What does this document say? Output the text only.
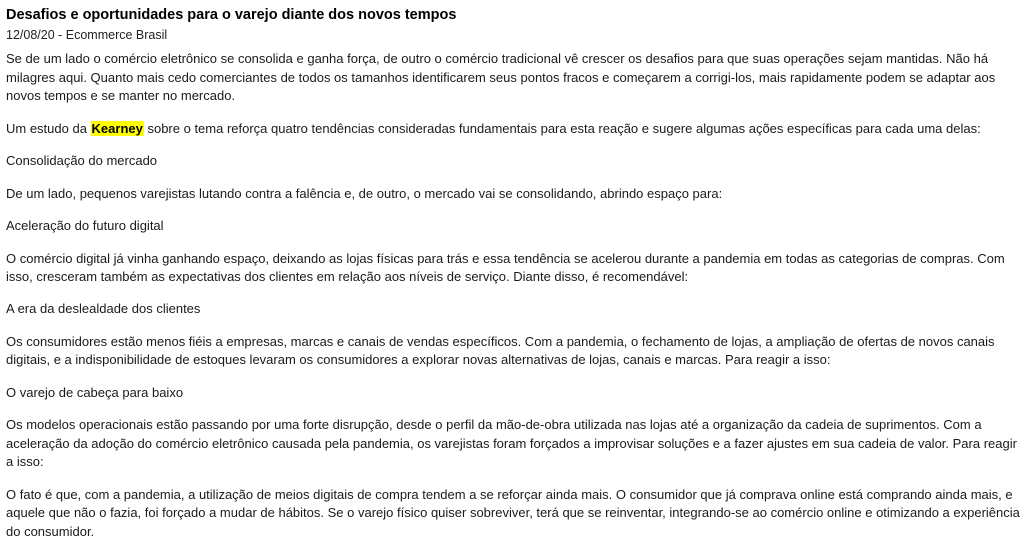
Desafios e oportunidades para o varejo diante dos novos tempos
12/08/20 - Ecommerce Brasil

Se de um lado o comércio eletrônico se consolida e ganha força, de outro o comércio tradicional vê crescer os desafios para que suas operações sejam mantidas. Não há milagres aqui. Quanto mais cedo comerciantes de todos os tamanhos identificarem seus pontos fracos e começarem a corrigi-los, mais rapidamente podem se adaptar aos novos tempos e se manter no mercado.

Um estudo da Kearney sobre o tema reforça quatro tendências consideradas fundamentais para esta reação e sugere algumas ações específicas para cada uma delas:

Consolidação do mercado

De um lado, pequenos varejistas lutando contra a falência e, de outro, o mercado vai se consolidando, abrindo espaço para:

Aceleração do futuro digital

O comércio digital já vinha ganhando espaço, deixando as lojas físicas para trás e essa tendência se acelerou durante a pandemia em todas as categorias de compras. Com isso, cresceram também as expectativas dos clientes em relação aos níveis de serviço. Diante disso, é recomendável:

A era da deslealdade dos clientes

Os consumidores estão menos fiéis a empresas, marcas e canais de vendas específicos. Com a pandemia, o fechamento de lojas, a ampliação de ofertas de novos canais digitais, e a indisponibilidade de estoques levaram os consumidores a explorar novas alternativas de lojas, canais e marcas. Para reagir a isso:

O varejo de cabeça para baixo

Os modelos operacionais estão passando por uma forte disrupção, desde o perfil da mão-de-obra utilizada nas lojas até a organização da cadeia de suprimentos. Com a aceleração da adoção do comércio eletrônico causada pela pandemia, os varejistas foram forçados a improvisar soluções e a fazer ajustes em sua cadeia de valor. Para reagir a isso:

O fato é que, com a pandemia, a utilização de meios digitais de compra tendem a se reforçar ainda mais. O consumidor que já comprava online está comprando ainda mais, e aquele que não o fazia, foi forçado a mudar de hábitos. Se o varejo físico quiser sobreviver, terá que se reinventar, integrando-se ao comércio online e otimizando a experiência do consumidor.
